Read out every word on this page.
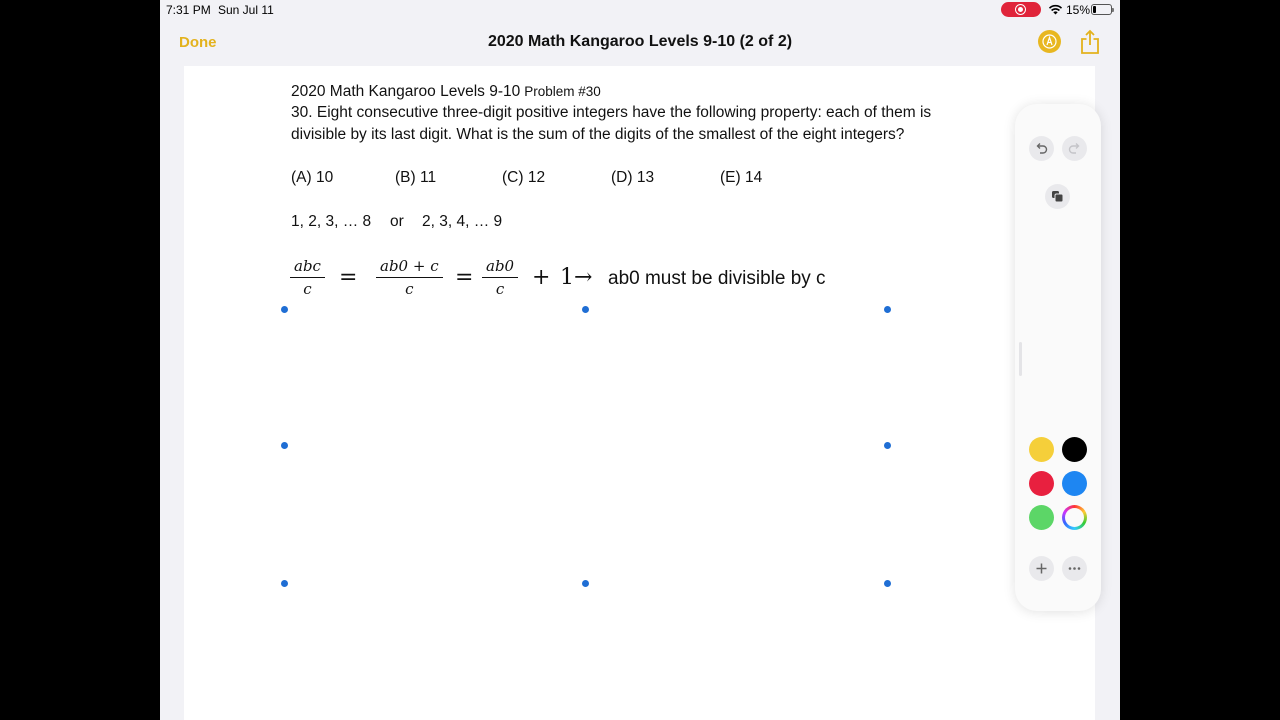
7:31 PM Sun Jul 11	15%
Done	2020 Math Kangaroo Levels 9-10 (2 of 2)
2020 Math Kangaroo Levels 9-10 Problem #30
30. Eight consecutive three-digit positive integers have the following property: each of them is
divisible by its last digit. What is the sum of the digits of the smallest of the eight integers?
(A) 10	(B) 11	(C) 12	(D) 13	(E) 14
1, 2, 3, … 8 or 2, 3, 4, … 9
abc
c	= ab0 + c
c	= ab0
c	+ 1→ ab0 must be divisible by c
